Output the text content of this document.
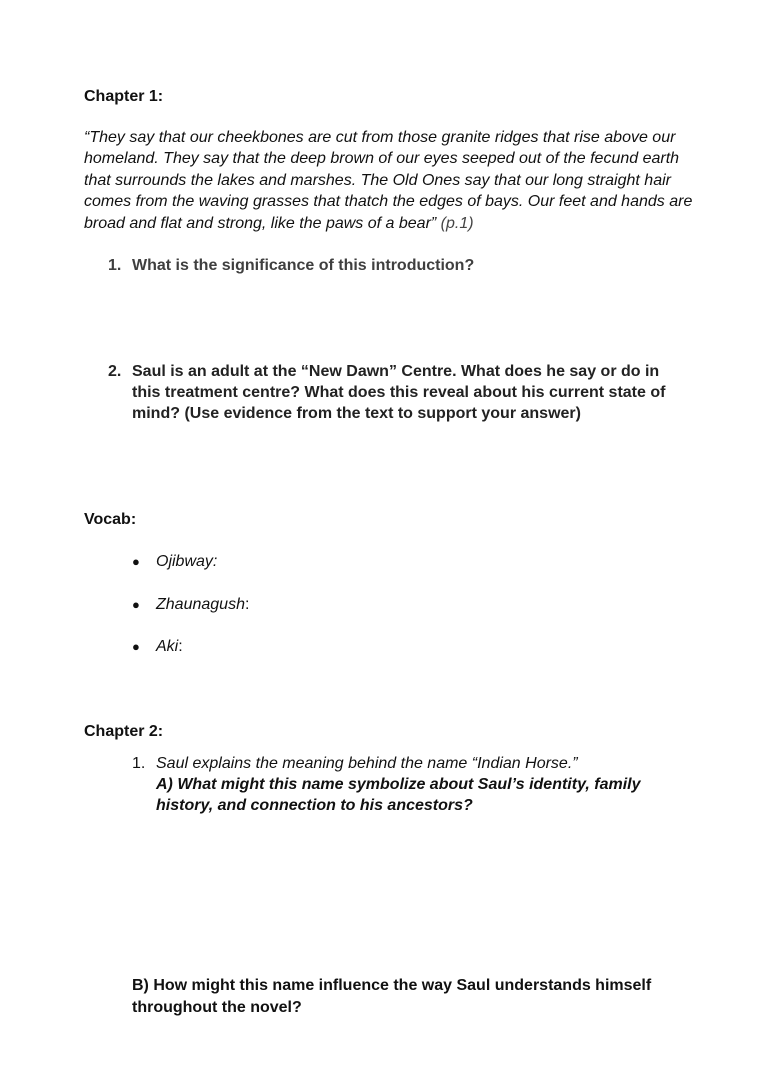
Chapter 1:

“They say that our cheekbones are cut from those granite ridges that rise above our homeland. They say that the deep brown of our eyes seeped out of the fecund earth that surrounds the lakes and marshes. The Old Ones say that our long straight hair comes from the waving grasses that thatch the edges of bays. Our feet and hands are broad and flat and strong, like the paws of a bear” (p.1)

1. What is the significance of this introduction?
2. Saul is an adult at the “New Dawn” Centre. What does he say or do in this treatment centre? What does this reveal about his current state of mind? (Use evidence from the text to support your answer)
Vocab:
●	Ojibway:
●	Zhaunagush :
●	Aki :
Chapter 2:
1. Saul explains the meaning behind the name “Indian Horse.”
A) What might this name symbolize about Saul’s identity, family history, and connection to his ancestors?
B) How might this name influence the way Saul understands himself throughout the novel?
